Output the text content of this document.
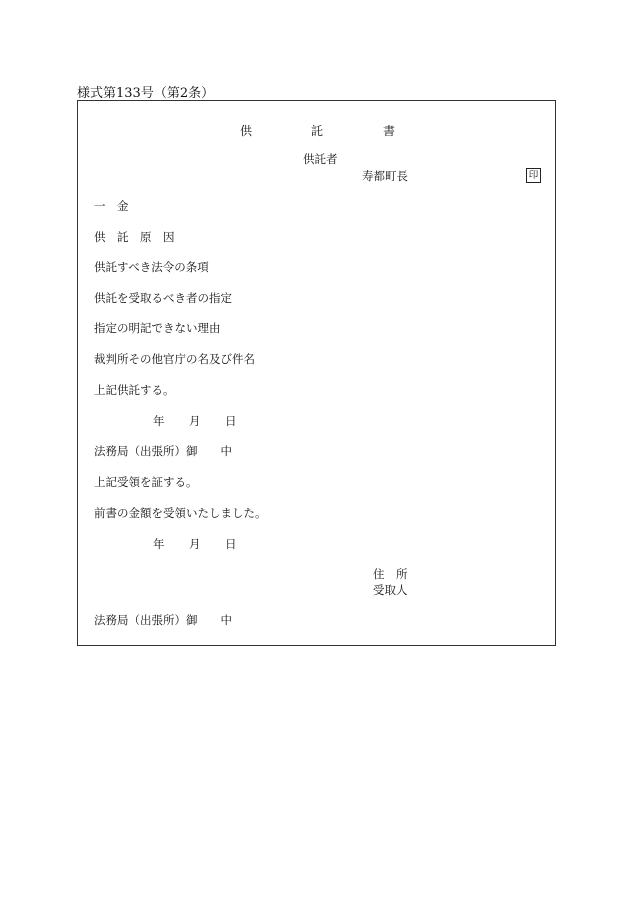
様式第133号（第2条）
供	託	書
供託者
寿都町長	印
一　金
供　託　原　因
供託すべき法令の条項
供託を受取るべき者の指定
指定の明記できない理由
裁判所その他官庁の名及び件名
上記供託する。
年 月 日
法務局（出張所）御　　中
上記受領を証する。
前書の金額を受領いたしました。
年 月 日
住　所
受取人
法務局（出張所）御　　中
